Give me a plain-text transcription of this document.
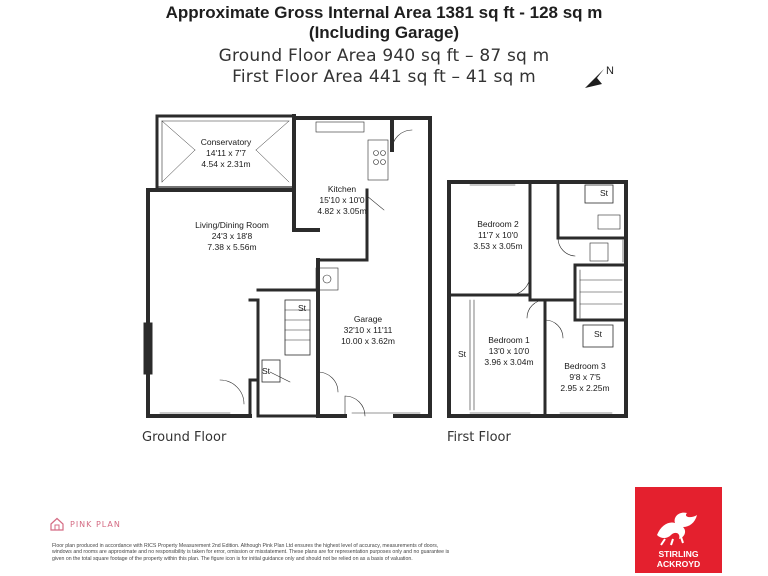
Approximate Gross Internal Area 1381 sq ft - 128 sq m
(Including Garage)
Ground Floor Area 940 sq ft – 87 sq m
First Floor Area 441 sq ft – 41 sq m	N
Conservatory
14'11 x 7'7
4.54 x 2.31m
Kitchen
15'10 x 10'0
4.82 x 3.05m
Living/Dining Room
24'3 x 18'8
7.38 x 5.56m
Garage
32'10 x 11'11
10.00 x 3.62m
St
St
Bedroom 2
11'7 x 10'0
3.53 x 3.05m
Bedroom 1
13'0 x 10'0
3.96 x 3.04m	Bedroom 3
9'8 x 7'5
2.95 x 2.25m
St
St
St
Ground Floor	First Floor
PINK PLAN
Floor plan produced in accordance with RICS Property Measurement 2nd Edition. Although Pink Plan Ltd ensures the highest level of accuracy, measurements of doors, windows and rooms are approximate and no responsibility is taken for error, omission or misstatement. These plans are for representation purposes only and no guarantee is given on the total square footage of the property within this plan. The figure icon is for initial guidance only and should not be relied on as a basis of valuation.	STIRLING
ACKROYD
